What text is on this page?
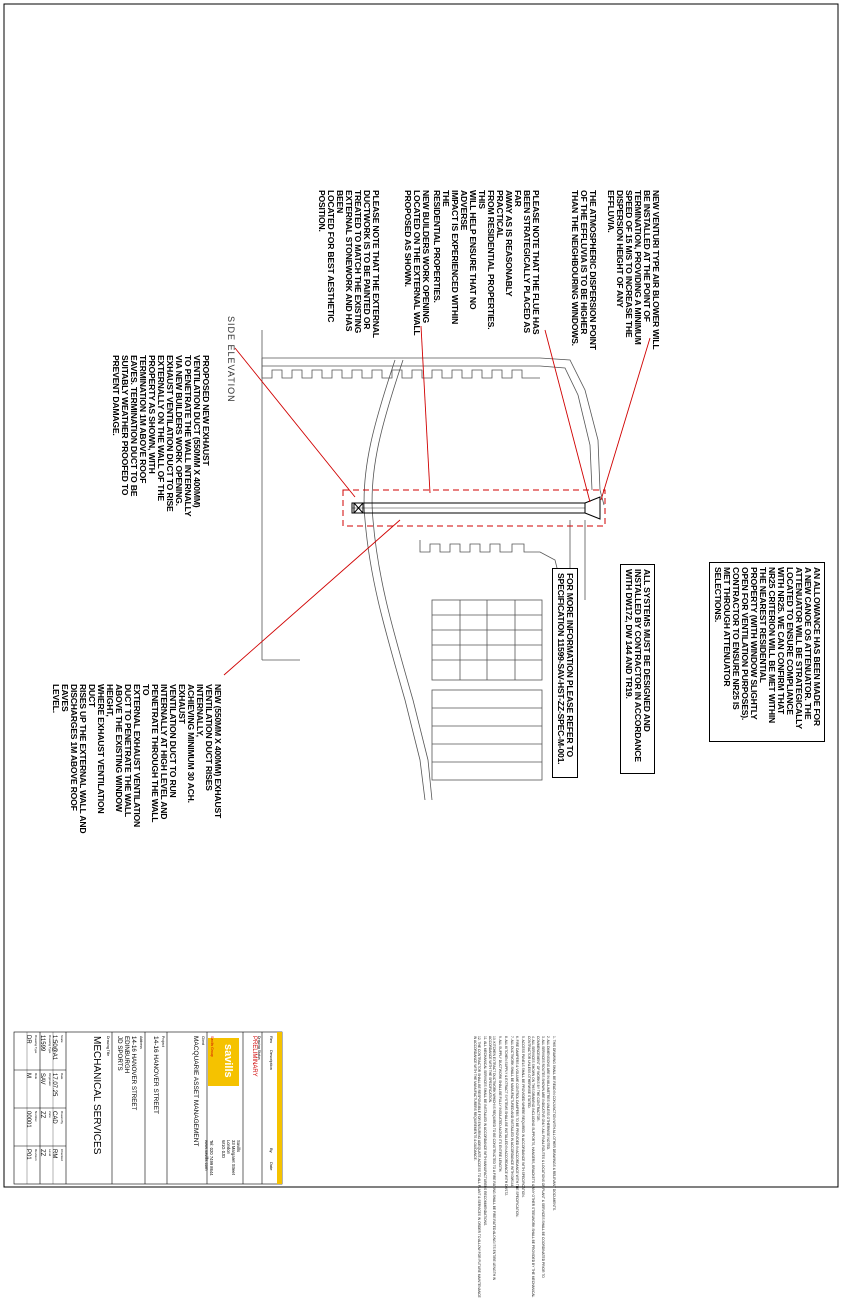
NEW VENTURI TYPE AIR BLOWER WILL
BE INSTALLED AT THE POINT OF
TERMINATION, PROVIDING A MINIMUM
SPEED OF 15 M/S TO INCREASE THE
DISPERSION HEIGHT OF ANY EFFLUVIA.

THE ATMOSPHERIC DISPERSION POINT
OF THE EFFLUVIA IS TO BE HIGHER
THAN THE NEIGHBOURING WINDOWS.
PLEASE NOTE THAT THE FLUE HAS
BEEN STRATEGICALLY PLACED AS FAR
AWAY AS IS REASONABLY PRACTICAL
FROM RESIDENTIAL PROPERTIES. THIS
WILL HELP ENSURE THAT NO ADVERSE
IMPACT IS EXPERIENCED WITHIN THE
RESIDENTIAL PROPERTIES.
NEW BUILDERS WORK OPENING
LOCATED ON THE EXTERNAL WALL
PROPOSED AS SHOWN.
PLEASE NOTE THAT THE EXTERNAL
DUCTWORK IS TO BE PAINTED OR
TREATED TO MATCH THE EXISTING
EXTERNAL STONEWORK AND HAS BEEN
LOCATED FOR BEST AESTHETIC
POSITION.
SIDE ELEVATION
PROPOSED NEW EXHAUST
VENTILATION DUCT (550MM X 400MM)
TO PENETRATE THE WALL INTERNALLY
VIA NEW BUILDERS WORK OPENING.
EXHAUST VENTILATION DUCT TO RISE
EXTERNALLY ON THE WALL OF THE
PROPERTY AS SHOWN, WITH
TERMINATION 1M ABOVE ROOF
EAVES. TERMINATION DUCT TO BE
SUITABLY WEATHER PROOFED TO
PREVENT DAMAGE.
AN ALLOWANCE HAS BEEN MADE FOR
A NEW CANOE OS ATTENUATOR. THE
ATTENUATOR WILL BE STRATEGICALLY
LOCATED TO ENSURE COMPLIANCE
WITH NR25. WE CAN CONFIRM THAT
NR25 CRITERION WILL BE MET WITHIN
THE NEAREST RESIDENTIAL
PROPERTY (WITH WINDOW SLIGHTLY
OPEN FOR VENTILATION PURPOSES).
CONTRACTOR TO ENSURE NR25 IS
MET THROUGH ATTENUATOR
SELECTIONS.
ALL SYSTEMS MUST BE DESIGNED AND
INSTALLED BY CONTRACTOR IN ACCORDANCE
WITH DW172, DW 144 AND TR19.
FOR MORE INFORMATION PLEASE REFER TO
SPECIFICATION 11599-SAV-HST-ZZ-SPEC-M-001.
NEW (550MM X 400MM) EXHAUST
VENTILATION DUCT RISES INTERNALLY,
ACHIEVING MINIMUM 30 ACH. EXHAUST
VENTILATION DUCT TO RUN
INTERNALLY AT HIGH LEVEL AND
PENETRATE THROUGH THE WALL TO
EXTERNAL EXHAUST VENTILATION
DUCT TO PENETRATE THE WALL
ABOVE THE EXISTING WINDOW HEIGHT,
WHERE EXHAUST VENTILATION DUCT
RISES UP THE EXTERNAL WALL AND
DISCHARGES 1M ABOVE ROOF EAVES
LEVEL.

1. THIS DRAWING SHALL BE READ IN CONJUNCTION WITH ALL OTHER DRAWINGS & RELEVANT DOCUMENTS.

2. ALL DIMENSIONS ARE IN MILLIMETRES UNLESS OTHERWISE NOTED.

3. ALL SERVICES ROUTES SHOWN ARE INDICATIVE ONLY. ALL FINAL ROUTES & LOCATIONS OF PLANT & SERVICES SHALL BE COORDINATED PRIOR TO COMMENCEMENT OF WORKS BY THE CONTRACTOR.

4. ALL SERVICES SHOWN ON THIS DRAWING INCLUDING SUPPORTS, HANGERS, BRACKETS & ANY OTHER STEELWORK SHALL BE PROVIDED BY THE MECHANICAL CONTRACTOR UNLESS OTHERWISE STATED.

5. ACCESS PANELS SHALL BE PROVIDED WHERE REQUIRED IN ACCORDANCE WITH SPECIFICATION.

6. FIRE DAMPERS & VOLUME CONTROL DAMPERS TO BE PROVIDED IN ACCORDANCE WITH THE SPECIFICATION.

7. ALL DUCTWORK SHALL BE MANUFACTURED AND INSTALLED IN ACCORDANCE WITH DW144.

8. ALL KITCHEN SUPPLY & EXTRACT SYSTEMS SHALL BE INSTALLED IN ACCORDANCE WITH DW172.

9. ALL SUPPLY DUCTWORK SHALL BE FULLY INSULATED ALONG ITS ENTIRE LENGTH.

10. KITCHEN EXTRACT DUCTWORK WHICH IS REQUIRED TO BE CONSTRUCTED TO A FIRE RATING SHALL BE FIRE RATED ALONG ITS ENTIRE LENGTH IN ACCORDANCE WITH THE SPECIFICATION.

11. ALL MECHANICAL SERVICES SHALL BE INSTALLED IN ACCORDANCE WITH MANUFACTURERS RECOMMENDATIONS.

12. THE CONTRACTOR SHALL BE RESPONSIBLE FOR ENSURING ADEQUATE ACCESS TO ALL PLANT & SERVICES IN ORDER TO ALLOW FOR FUTURE MAINTENANCE IN ACCORDANCE WITH THE MANUFACTURERS REQUIREMENTS & GUIDANCE.

Rev
Description
By
Date
Drawing Status
PRELIMINARY
savills
Savills Group
Savills
33 Margaret Street
London
W1G 0JD
Tel: 020 7499 8644
www.savills.com
Client
MACQUARIE ASSET MANAGEMENT
Project
14-16 HANOVER STREET
Address
14-16 HANOVER STREET
EDINBURGH
JD SPORTS
Drawing Title
MECHANICAL SERVICES
Scale
1:50@A1
Date
17.07.25
Drawn By
CAD
Checked
RM
Drawing Type
11599
Originator
SAV
Zone
ZZ
Level
ZZ
Drawing Type
DR
Role
M
Number
00001
Revision
P01
